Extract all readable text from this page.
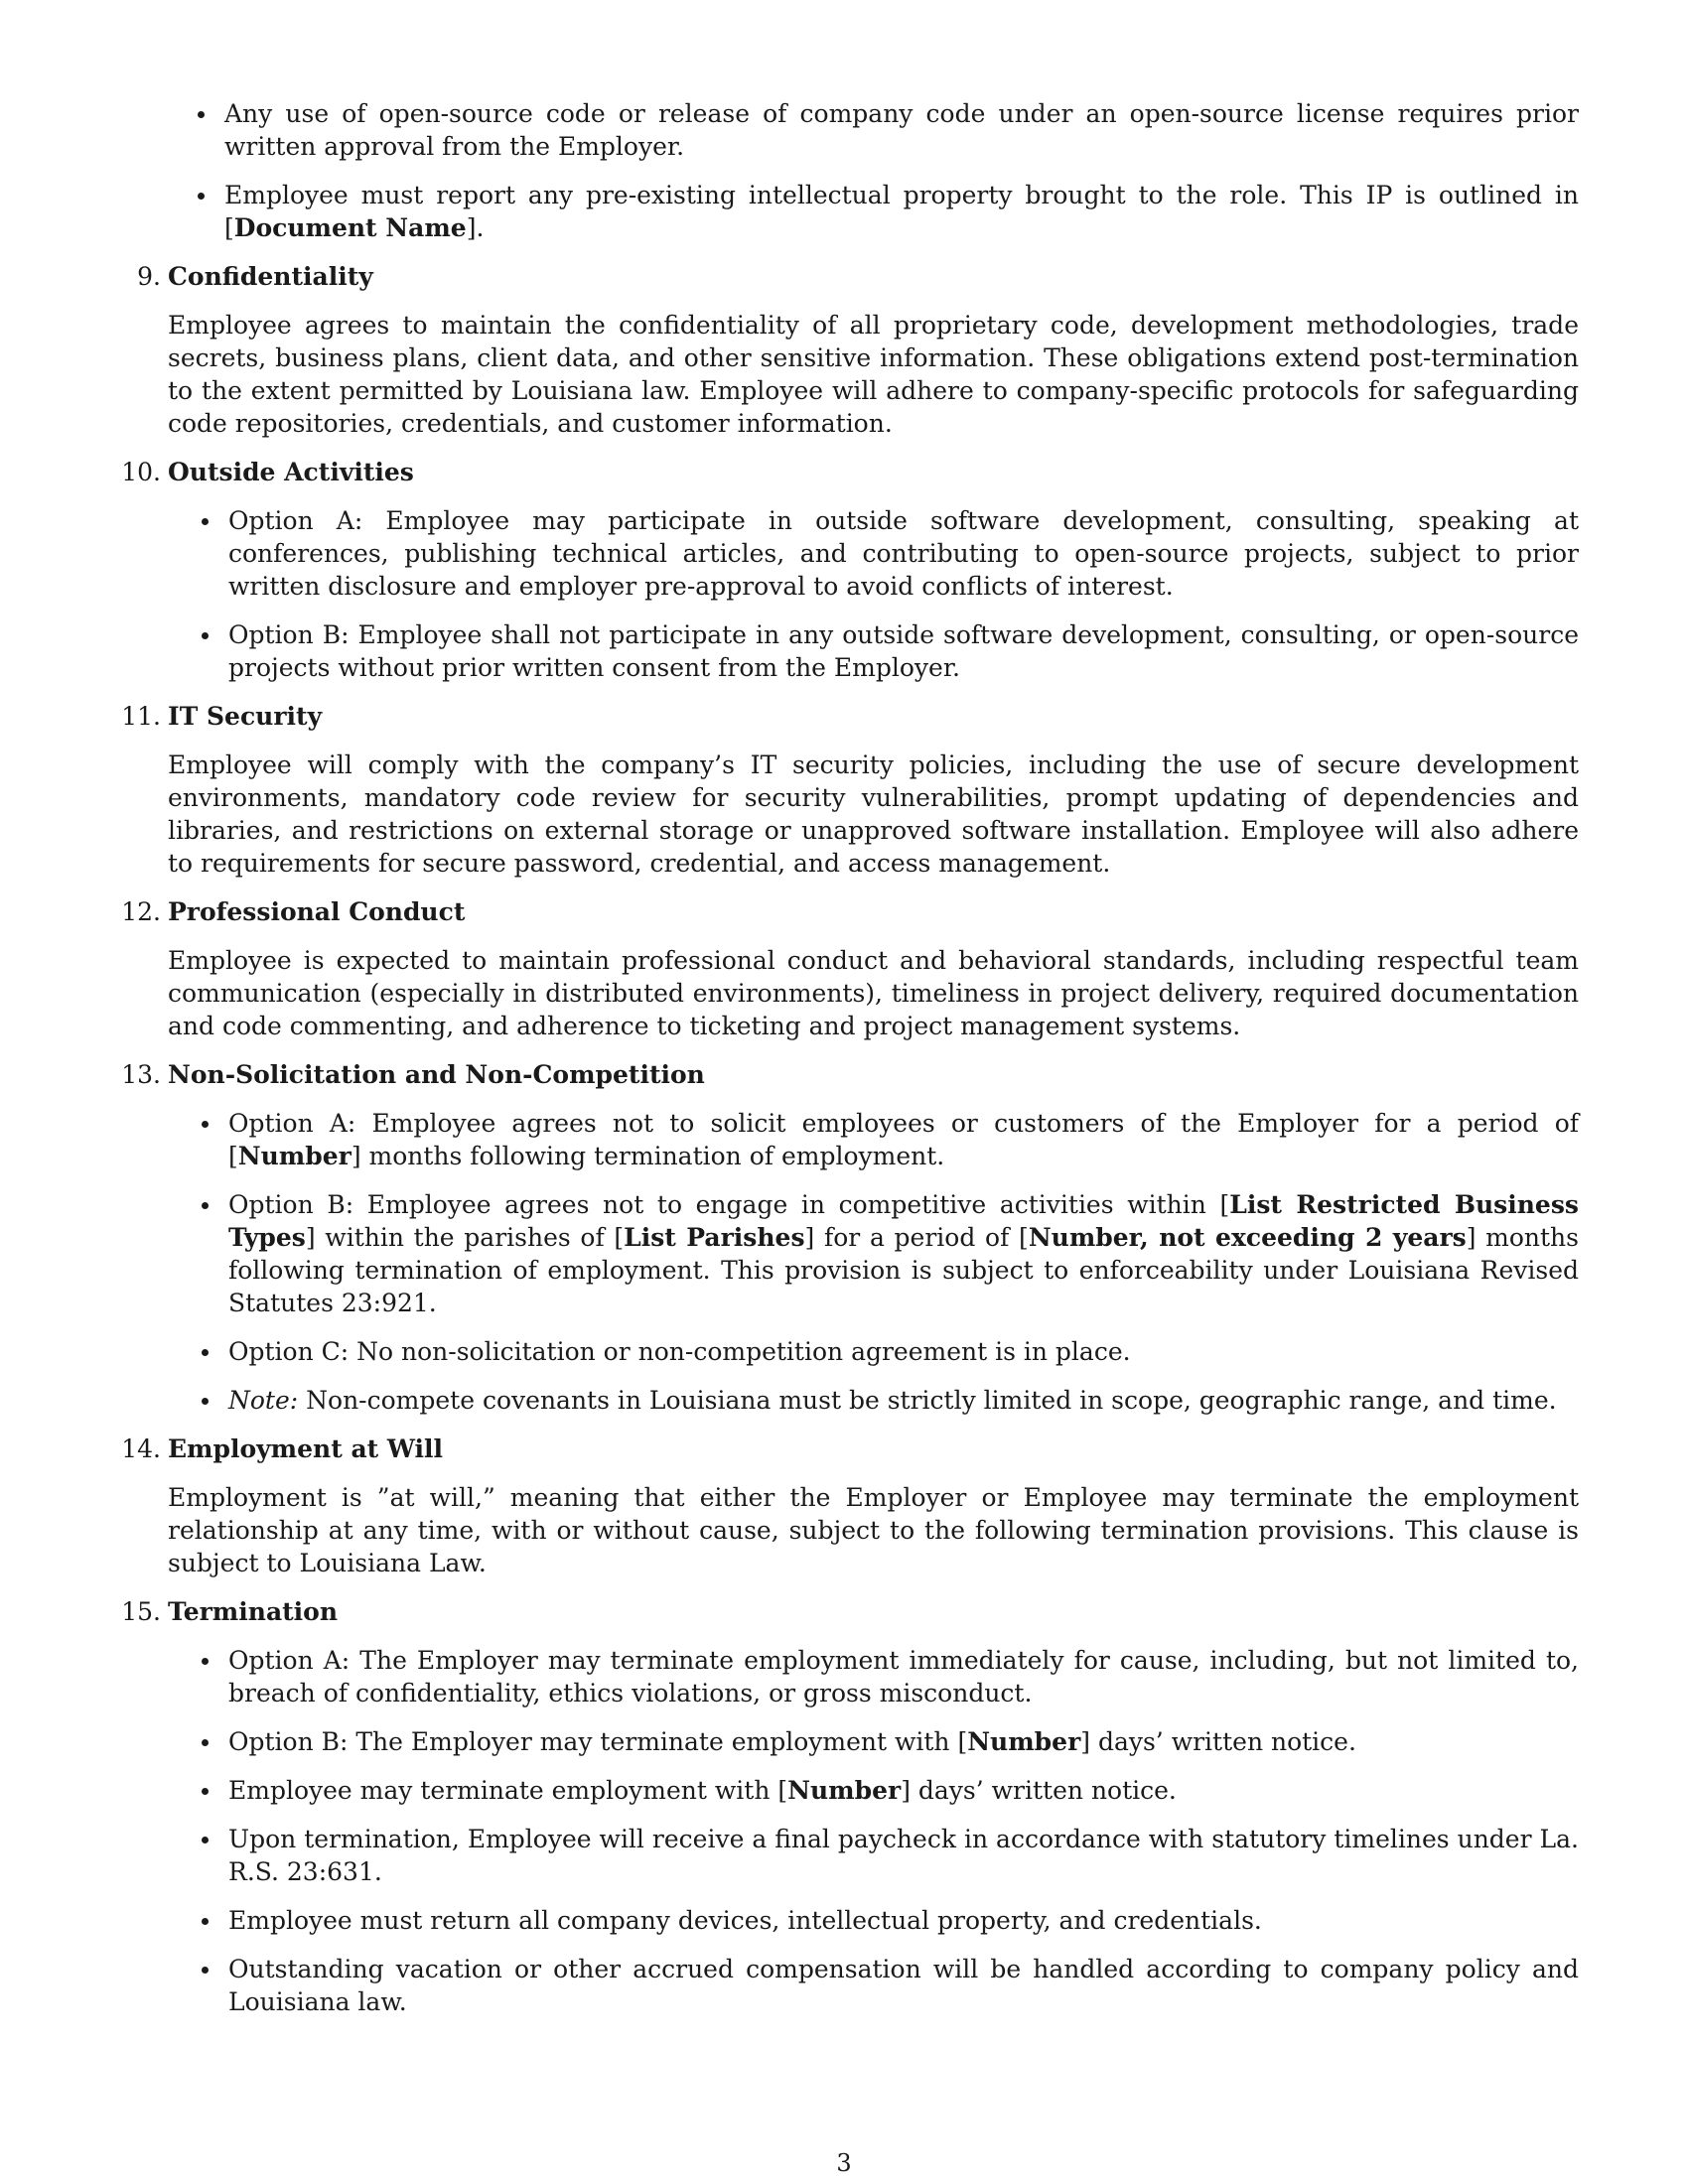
Any use of open-source code or release of company code under an open-source license requires prior written approval from the Employer.
Employee must report any pre-existing intellectual property brought to the role. This IP is outlined in [Document Name].
9. Confidentiality
Employee agrees to maintain the confidentiality of all proprietary code, development methodologies, trade secrets, business plans, client data, and other sensitive information. These obligations extend post-termination to the extent permitted by Louisiana law. Employee will adhere to company-specific protocols for safeguarding code repositories, credentials, and customer information.
10. Outside Activities
Option A: Employee may participate in outside software development, consulting, speaking at conferences, publishing technical articles, and contributing to open-source projects, subject to prior written disclosure and employer pre-approval to avoid conflicts of interest.
Option B: Employee shall not participate in any outside software development, consulting, or open-source projects without prior written consent from the Employer.
11. IT Security
Employee will comply with the company’s IT security policies, including the use of secure development environments, mandatory code review for security vulnerabilities, prompt updating of dependencies and libraries, and restrictions on external storage or unapproved software installation. Employee will also adhere to requirements for secure password, credential, and access management.
12. Professional Conduct
Employee is expected to maintain professional conduct and behavioral standards, including respectful team communication (especially in distributed environments), timeliness in project delivery, required documentation and code commenting, and adherence to ticketing and project management systems.
13. Non-Solicitation and Non-Competition
Option A: Employee agrees not to solicit employees or customers of the Employer for a period of [Number] months following termination of employment.
Option B: Employee agrees not to engage in competitive activities within [List Restricted Business Types] within the parishes of [List Parishes] for a period of [Number, not exceeding 2 years] months following termination of employment. This provision is subject to enforceability under Louisiana Revised Statutes 23:921.
Option C: No non-solicitation or non-competition agreement is in place.
Note: Non-compete covenants in Louisiana must be strictly limited in scope, geographic range, and time.
14. Employment at Will
Employment is ”at will,” meaning that either the Employer or Employee may terminate the employment relationship at any time, with or without cause, subject to the following termination provisions. This clause is subject to Louisiana Law.
15. Termination
Option A: The Employer may terminate employment immediately for cause, including, but not limited to, breach of confidentiality, ethics violations, or gross misconduct.
Option B: The Employer may terminate employment with [Number] days’ written notice.
Employee may terminate employment with [Number] days’ written notice.
Upon termination, Employee will receive a final paycheck in accordance with statutory timelines under La. R.S. 23:631.
Employee must return all company devices, intellectual property, and credentials.
Outstanding vacation or other accrued compensation will be handled according to company policy and Louisiana law.
3
